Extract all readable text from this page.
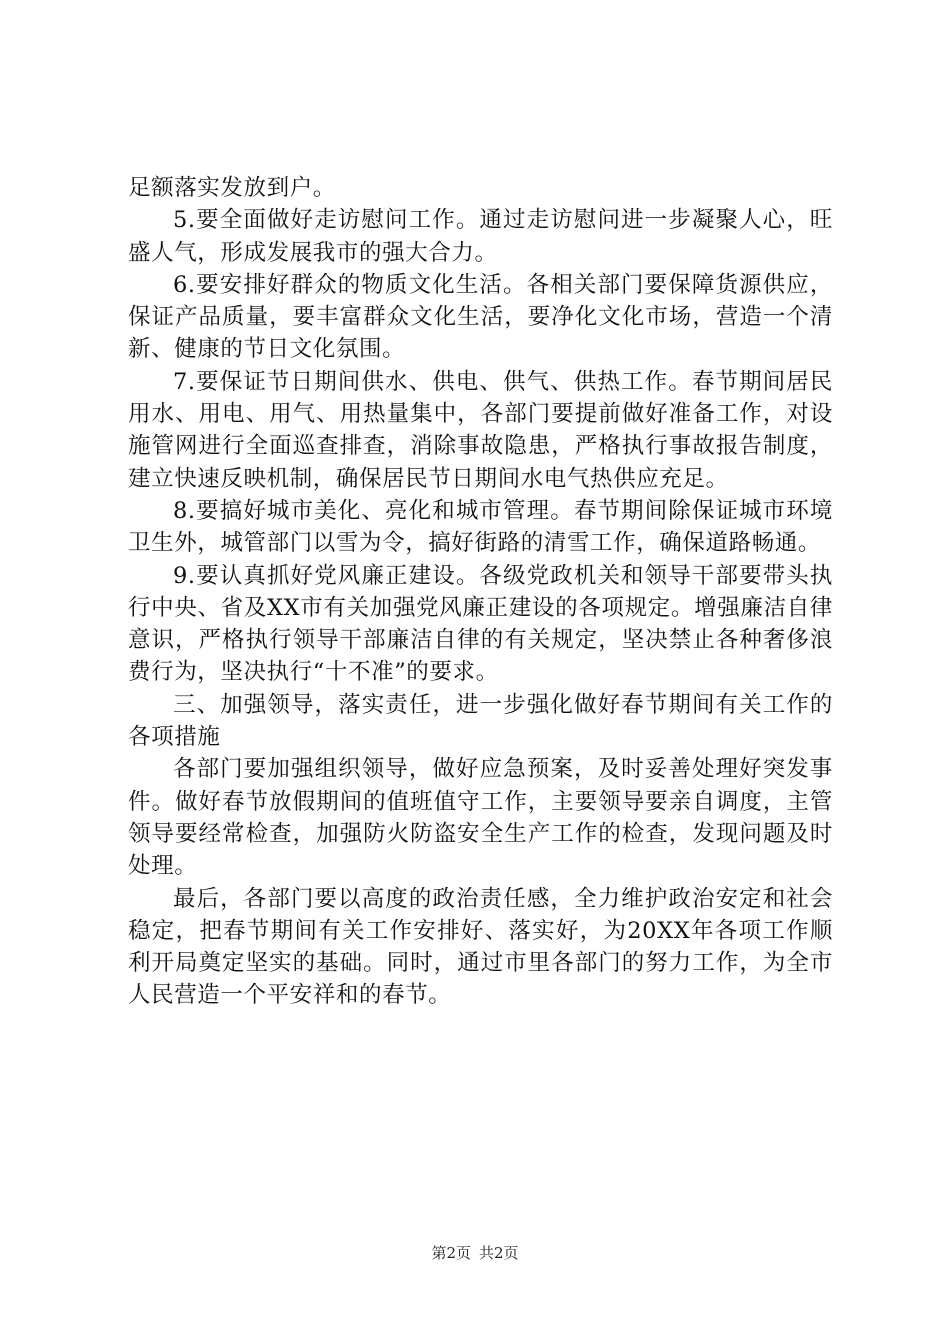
足额落实发放到户。

5.要全面做好走访慰问工作。通过走访慰问进一步凝聚人心，旺盛人气，形成发展我市的强大合力。

6.要安排好群众的物质文化生活。各相关部门要保障货源供应，保证产品质量，要丰富群众文化生活，要净化文化市场，营造一个清新、健康的节日文化氛围。

7.要保证节日期间供水、供电、供气、供热工作。春节期间居民用水、用电、用气、用热量集中，各部门要提前做好准备工作，对设施管网进行全面巡查排查，消除事故隐患，严格执行事故报告制度，建立快速反映机制，确保居民节日期间水电气热供应充足。

8.要搞好城市美化、亮化和城市管理。春节期间除保证城市环境卫生外，城管部门以雪为令，搞好街路的清雪工作，确保道路畅通。

9.要认真抓好党风廉正建设。各级党政机关和领导干部要带头执行中央、省及XX市有关加强党风廉正建设的各项规定。增强廉洁自律意识，严格执行领导干部廉洁自律的有关规定，坚决禁止各种奢侈浪费行为，坚决执行“十不准”的要求。

三、加强领导，落实责任，进一步强化做好春节期间有关工作的各项措施

各部门要加强组织领导，做好应急预案，及时妥善处理好突发事件。做好春节放假期间的值班值守工作，主要领导要亲自调度，主管领导要经常检查，加强防火防盗安全生产工作的检查，发现问题及时处理。

最后，各部门要以高度的政治责任感，全力维护政治安定和社会稳定，把春节期间有关工作安排好、落实好，为20XX年各项工作顺利开局奠定坚实的基础。同时，通过市里各部门的努力工作，为全市人民营造一个平安祥和的春节。

第2页 共2页
